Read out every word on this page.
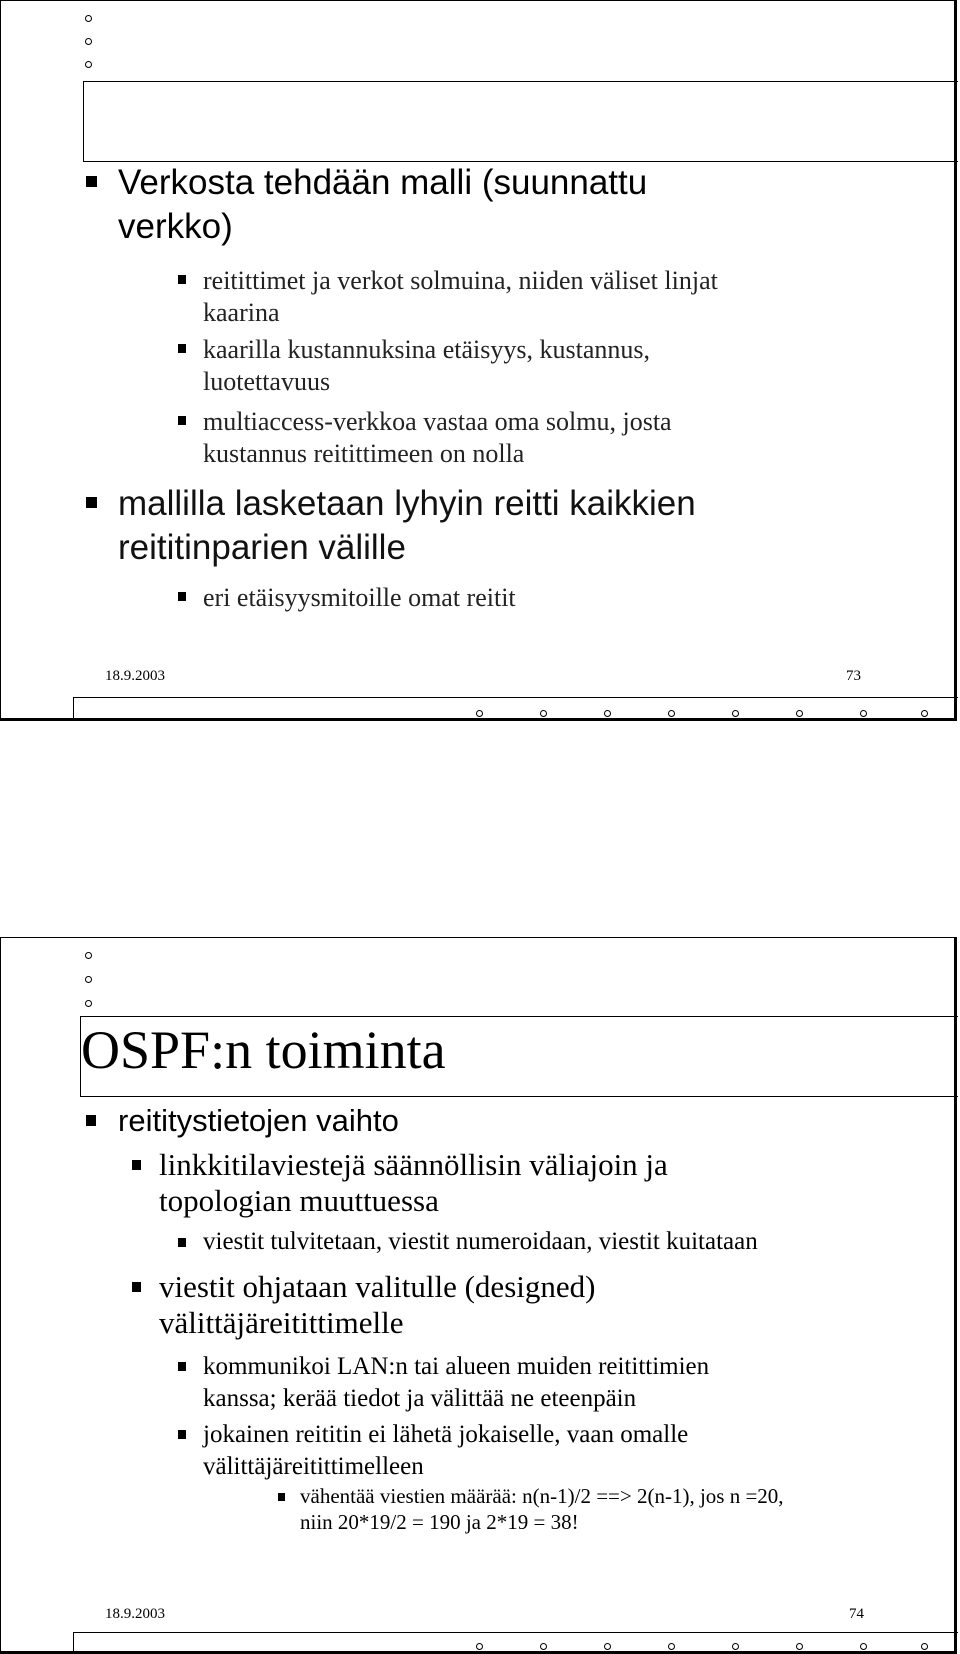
Verkosta tehdään malli (suunnattu

verkko)

reitittimet ja verkot solmuina, niiden väliset linjat

kaarina

kaarilla kustannuksina etäisyys, kustannus,

luotettavuus

multiaccess-verkkoa vastaa oma solmu, josta

kustannus reitittimeen on nolla

mallilla lasketaan lyhyin reitti kaikkien

reititinparien välille

eri etäisyysmitoille omat reitit

18.9.2003	73

OSPF:n toiminta

reititystietojen vaihto

linkkitilaviestejä säännöllisin väliajoin ja

topologian muuttuessa

viestit tulvitetaan, viestit numeroidaan, viestit kuitataan

viestit ohjataan valitulle (designed)

välittäjäreitittimelle

kommunikoi LAN:n tai alueen muiden reitittimien

kanssa; kerää tiedot ja välittää ne eteenpäin

jokainen reititin ei lähetä jokaiselle, vaan omalle

välittäjäreitittimelleen

vähentää viestien määrää: n(n-1)/2 ==> 2(n-1), jos n =20,

niin 20*19/2 = 190 ja 2*19 = 38!

18.9.2003	74
